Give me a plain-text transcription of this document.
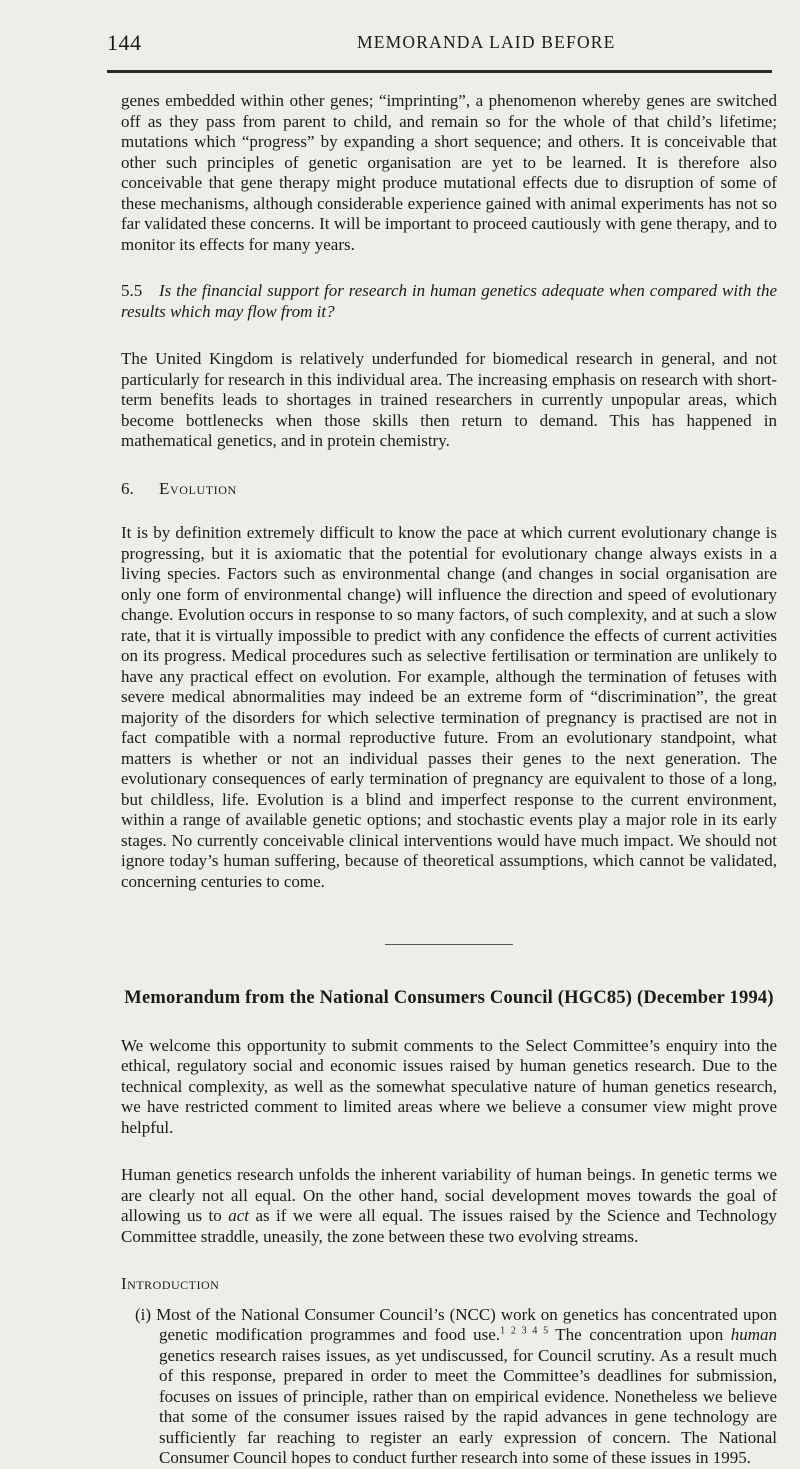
144	MEMORANDA LAID BEFORE

genes embedded within other genes; “imprinting”, a phenomenon whereby genes are switched off as they pass from parent to child, and remain so for the whole of that child’s lifetime; mutations which “progress” by expanding a short sequence; and others. It is conceivable that other such principles of genetic organisation are yet to be learned. It is therefore also conceivable that gene therapy might produce mutational effects due to disruption of some of these mechanisms, although considerable experience gained with animal experiments has not so far validated these concerns. It will be important to proceed cautiously with gene therapy, and to monitor its effects for many years.

5.5 Is the financial support for research in human genetics adequate when compared with the results which may flow from it?

The United Kingdom is relatively underfunded for biomedical research in general, and not particularly for research in this individual area. The increasing emphasis on research with short-term benefits leads to shortages in trained researchers in currently unpopular areas, which become bottlenecks when those skills then return to demand. This has happened in mathematical genetics, and in protein chemistry.

6. Evolution

It is by definition extremely difficult to know the pace at which current evolutionary change is progressing, but it is axiomatic that the potential for evolutionary change always exists in a living species. Factors such as environmental change (and changes in social organisation are only one form of environmental change) will influence the direction and speed of evolutionary change. Evolution occurs in response to so many factors, of such complexity, and at such a slow rate, that it is virtually impossible to predict with any confidence the effects of current activities on its progress. Medical procedures such as selective fertilisation or termination are unlikely to have any practical effect on evolution. For example, although the termination of fetuses with severe medical abnormalities may indeed be an extreme form of “discrimination”, the great majority of the disorders for which selective termination of pregnancy is practised are not in fact compatible with a normal reproductive future. From an evolutionary standpoint, what matters is whether or not an individual passes their genes to the next generation. The evolutionary consequences of early termination of pregnancy are equivalent to those of a long, but childless, life. Evolution is a blind and imperfect response to the current environment, within a range of available genetic options; and stochastic events play a major role in its early stages. No currently conceivable clinical interventions would have much impact. We should not ignore today’s human suffering, because of theoretical assumptions, which cannot be validated, concerning centuries to come.

Memorandum from the National Consumers Council (HGC85) (December 1994)

We welcome this opportunity to submit comments to the Select Committee’s enquiry into the ethical, regulatory social and economic issues raised by human genetics research. Due to the technical complexity, as well as the somewhat speculative nature of human genetics research, we have restricted comment to limited areas where we believe a consumer view might prove helpful.

Human genetics research unfolds the inherent variability of human beings. In genetic terms we are clearly not all equal. On the other hand, social development moves towards the goal of allowing us to act as if we were all equal. The issues raised by the Science and Technology Committee straddle, uneasily, the zone between these two evolving streams.

Introduction

(i) Most of the National Consumer Council’s (NCC) work on genetics has concentrated upon genetic modification programmes and food use.$^{1 2 3 4 5}$ The concentration upon human genetics research raises issues, as yet undiscussed, for Council scrutiny. As a result much of this response, prepared in order to meet the Committee’s deadlines for submission, focuses on issues of principle, rather than on empirical evidence. Nonetheless we believe that some of the consumer issues raised by the rapid advances in gene technology are sufficiently far reaching to register an early expression of concern. The National Consumer Council hopes to conduct further research into some of these issues in 1995.
